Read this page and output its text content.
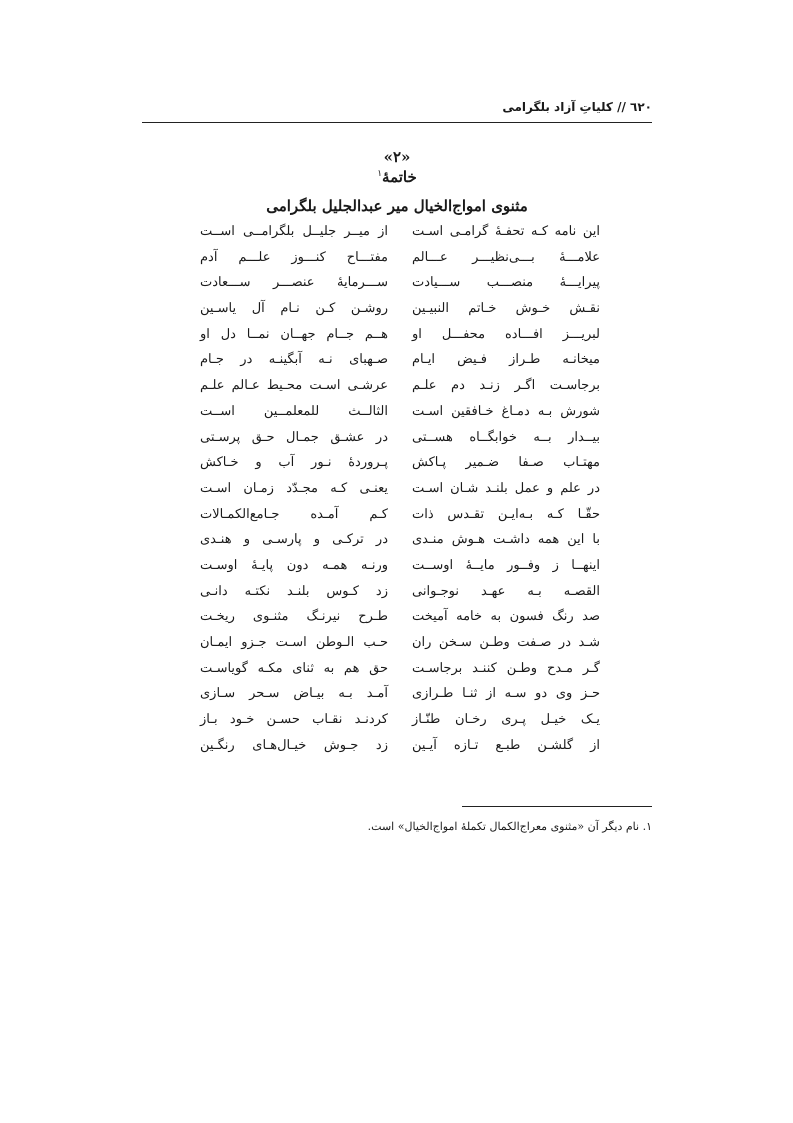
٦٢٠ // کلیاتِ آزاد بلگرامی
«۲»
خاتمهٔ$^۱$
مثنوی امواج‌الخیال میر عبدالجلیل بلگرامی
این نامه کـه تحفـهٔ گرامـی اسـت
از میــر جلیــل بلگرامــی اســت
علامـــهٔ بـــی‌نظیـــر عـــالم
مفتـــاح کنـــوز علـــم آدم
پیرایـــهٔ منصـــب ســـیادت
ســـرمایهٔ عنصـــر ســـعادت
نقـش خـوش خـاتم النبیـین
روشـن کـن نـام آل یاسـین
لبریـــز افـــاده محفـــل او
هــم جــام جهــان نمــا دل او
میخانـه طـراز فـیض ایـام
صـهبای نـه آبگینـه در جـام
برجاسـت اگـر زنـد دم علـم
عرشـی اسـت محـیط عـالم علـم
شورش بـه دمـاغ خـافقین اسـت
الثالــث للمعلمــین اســت
بیــدار بــه خوابگــاه هســتی
در عشـق جمـال حـق پرسـتی
مهتـاب صـفا ضـمیر پـاکش
پـروردهٔ نـور آب و خـاکش
در علم و عمل بلنـد شـان اسـت
یعنـی کـه مجـدّد زمـان اسـت
حقّـا کـه بـه‌ایـن تقـدس ذات
کـم آمـده جـامع‌الکمـالات
با این همه داشـت هـوش منـدی
در ترکـی و پارسـی و هنـدی
اینهــا ز وفــور مایــهٔ اوســت
ورنـه همـه دون پایـهٔ اوسـت
القصـه بـه عهـد نوجـوانی
زد کـوس بلنـد نکتـه دانـی
صد رنگ فسون به خامه آمیخت
طـرح نیرنـگ مثنـوی ریخـت
شـد در صـفت وطـن سـخن ران
حـب الـوطن اسـت جـزو ایمـان
گـر مـدح وطـن کننـد برجاسـت
حق هم به ثنای مکـه گویاسـت
حـز وی دو سـه از ثنـا طـرازی
آمـد بـه بیـاض سـحر سـازی
یـک خیـل پـری رخـان طنّـاز
کردنـد نقـاب حسـن خـود بـاز
از گلشـن طبـع تـازه آیـین
زد جـوش خیـال‌هـای رنگـین
۱. نام دیگر آن «مثنوی معراج‌الکمال تکملهٔ امواج‌الخیال» است.
